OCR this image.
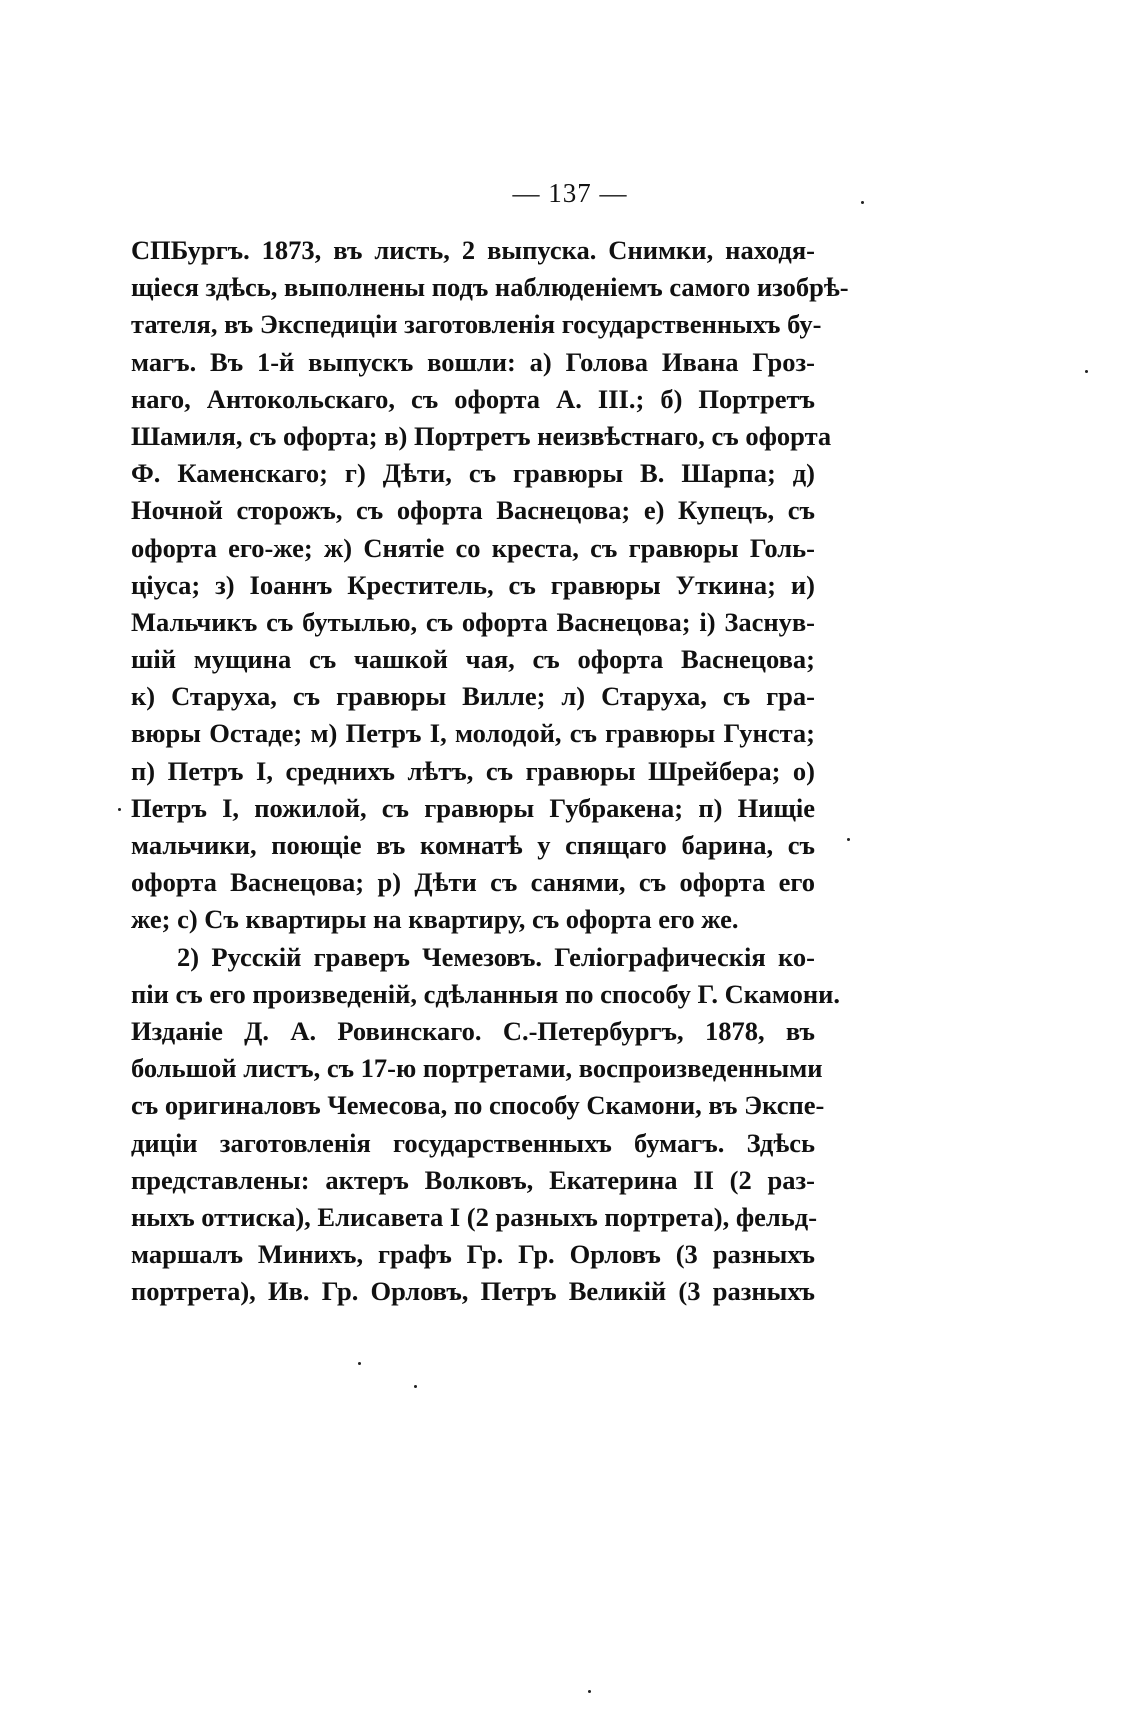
— 137 —
СПБургъ. 1873, въ листь, 2 выпуска. Снимки, находя-
щіеся здѣсь, выполнены подъ наблюденіемъ самого изобрѣ-
тателя, въ Экспедиціи заготовленія государственныхъ бу-
магъ. Въ 1-й выпускъ вошли: а) Голова Ивана Гроз-
наго, Антокольскаго, съ офорта А. III.; б) Портретъ
Шамиля, съ офорта; в) Портретъ неизвѣстнаго, съ офорта
Ф. Каменскаго; г) Дѣти, съ гравюры В. Шарпа; д)
Ночной сторожъ, съ офорта Васнецова; е) Купецъ, съ
офорта его-же; ж) Снятіе со креста, съ гравюры Голь-
ціуса; з) Іоаннъ Креститель, съ гравюры Уткина; и)
Мальчикъ съ бутылью, съ офорта Васнецова; і) Заснув-
шій мущина съ чашкой чая, съ офорта Васнецова;
к) Старуха, съ гравюры Вилле; л) Старуха, съ гра-
вюры Остаде; м) Петръ I, молодой, съ гравюры Гунста;
п) Петръ I, среднихъ лѣтъ, съ гравюры Шрейбера; о)
Петръ I, пожилой, съ гравюры Губракена; п) Нищіе
мальчики, поющіе въ комнатѣ у спящаго барина, съ
офорта Васнецова; р) Дѣти съ санями, съ офорта его
же; с) Съ квартиры на квартиру, съ офорта его же.
2) Русскій граверъ Чемезовъ. Геліографическія ко-
піи съ его произведеній, сдѣланныя по способу Г. Скамони.
Изданіе Д. А. Ровинскаго. С.-Петербургъ, 1878, въ
большой листъ, съ 17-ю портретами, воспроизведенными
съ оригиналовъ Чемесова, по способу Скамони, въ Экспе-
диціи заготовленія государственныхъ бумагъ. Здѣсь
представлены: актеръ Волковъ, Екатерина II (2 раз-
ныхъ оттиска), Елисавета I (2 разныхъ портрета), фельд-
маршалъ Минихъ, графъ Гр. Гр. Орловъ (3 разныхъ
портрета), Ив. Гр. Орловъ, Петръ Великій (3 разныхъ
